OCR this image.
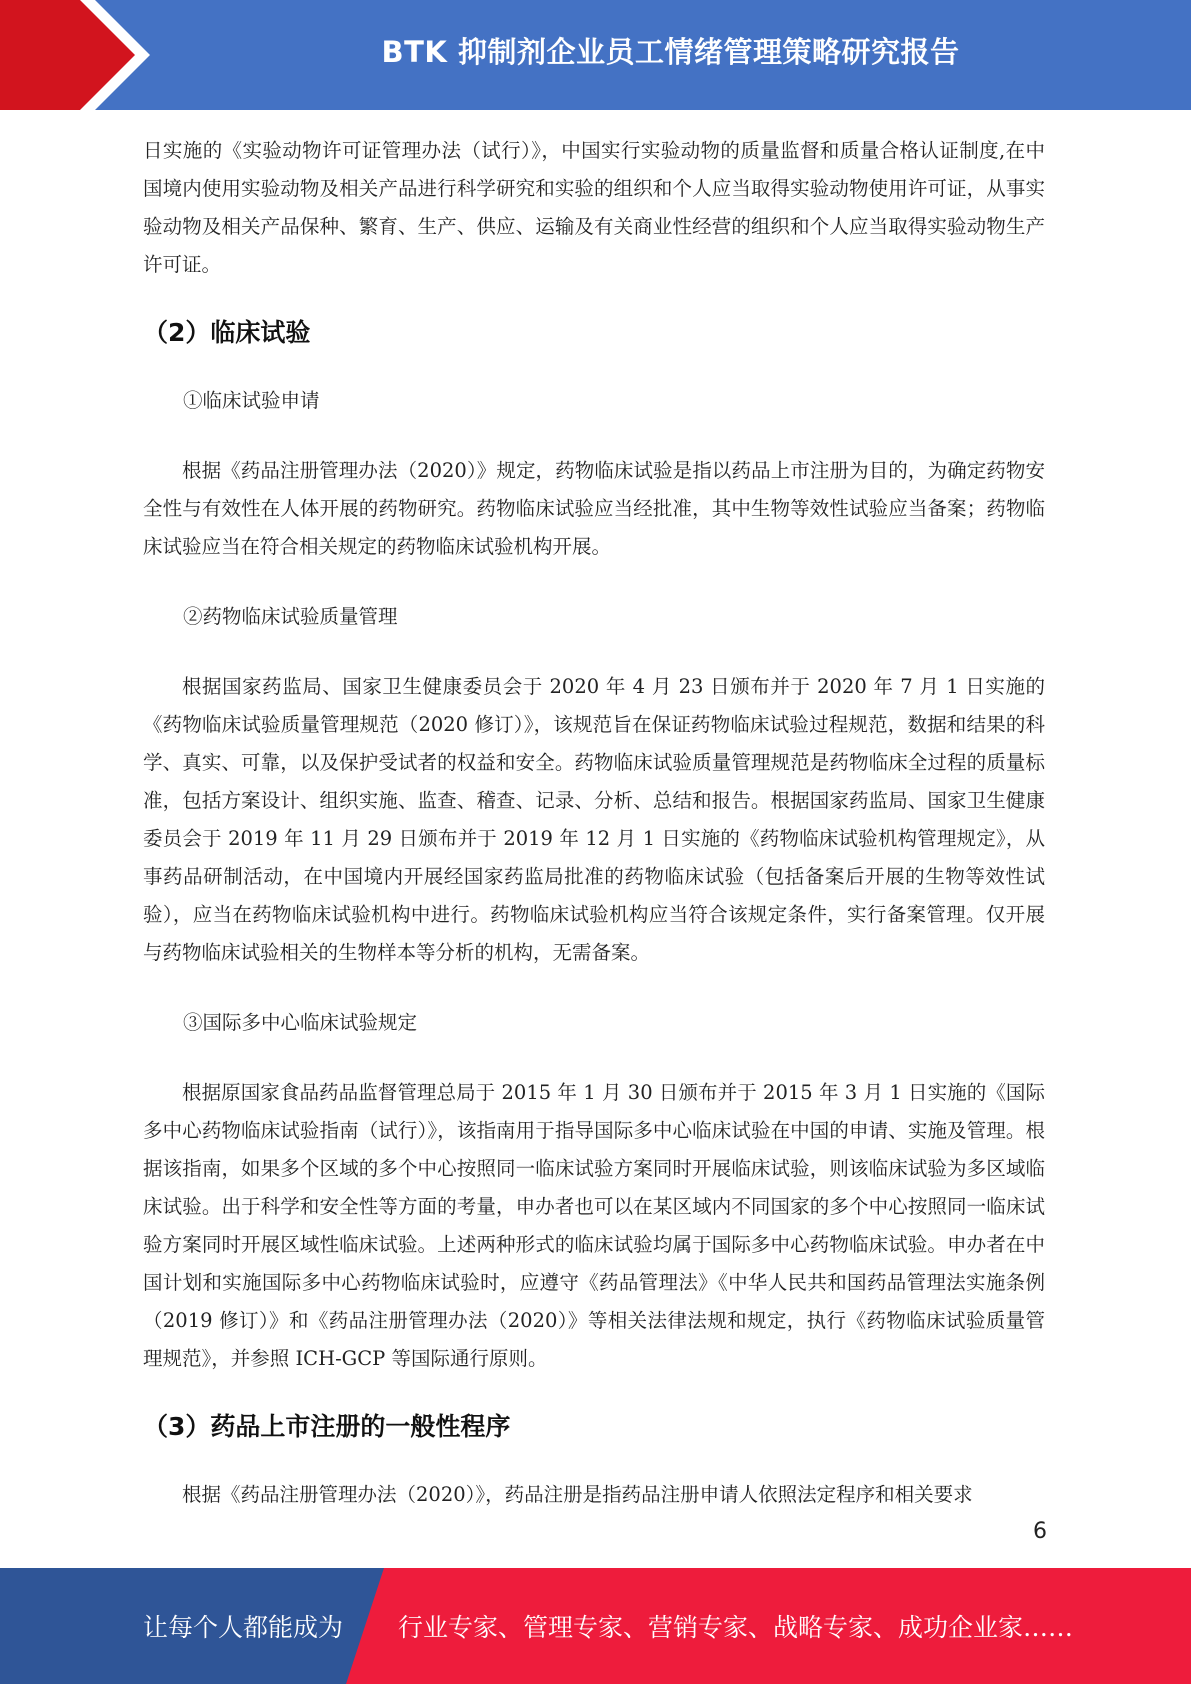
BTK 抑制剂企业员工情绪管理策略研究报告

日实施的《实验动物许可证管理办法（试行）》，中国实行实验动物的质量监督和质量合格认证制度,在中国境内使用实验动物及相关产品进行科学研究和实验的组织和个人应当取得实验动物使用许可证，从事实验动物及相关产品保种、繁育、生产、供应、运输及有关商业性经营的组织和个人应当取得实验动物生产许可证。

（2）临床试验

①临床试验申请

根据《药品注册管理办法（2020）》规定，药物临床试验是指以药品上市注册为目的，为确定药物安全性与有效性在人体开展的药物研究。药物临床试验应当经批准，其中生物等效性试验应当备案；药物临床试验应当在符合相关规定的药物临床试验机构开展。

②药物临床试验质量管理

根据国家药监局、国家卫生健康委员会于 2020 年 4 月 23 日颁布并于 2020 年 7 月 1 日实施的《药物临床试验质量管理规范（2020 修订）》，该规范旨在保证药物临床试验过程规范，数据和结果的科学、真实、可靠，以及保护受试者的权益和安全。药物临床试验质量管理规范是药物临床全过程的质量标准，包括方案设计、组织实施、监查、稽查、记录、分析、总结和报告。根据国家药监局、国家卫生健康委员会于 2019 年 11 月 29 日颁布并于 2019 年 12 月 1 日实施的《药物临床试验机构管理规定》，从事药品研制活动，在中国境内开展经国家药监局批准的药物临床试验（包括备案后开展的生物等效性试验），应当在药物临床试验机构中进行。药物临床试验机构应当符合该规定条件，实行备案管理。仅开展与药物临床试验相关的生物样本等分析的机构，无需备案。

③国际多中心临床试验规定

根据原国家食品药品监督管理总局于 2015 年 1 月 30 日颁布并于 2015 年 3 月 1 日实施的《国际多中心药物临床试验指南（试行）》，该指南用于指导国际多中心临床试验在中国的申请、实施及管理。根据该指南，如果多个区域的多个中心按照同一临床试验方案同时开展临床试验，则该临床试验为多区域临床试验。出于科学和安全性等方面的考量，申办者也可以在某区域内不同国家的多个中心按照同一临床试验方案同时开展区域性临床试验。上述两种形式的临床试验均属于国际多中心药物临床试验。申办者在中国计划和实施国际多中心药物临床试验时，应遵守《药品管理法》《中华人民共和国药品管理法实施条例（2019 修订）》和《药品注册管理办法（2020）》等相关法律法规和规定，执行《药物临床试验质量管理规范》，并参照 ICH-GCP 等国际通行原则。

（3）药品上市注册的一般性程序

根据《药品注册管理办法（2020）》，药品注册是指药品注册申请人依照法定程序和相关要求

6
让每个人都能成为 行业专家、管理专家、营销专家、战略专家、成功企业家……
